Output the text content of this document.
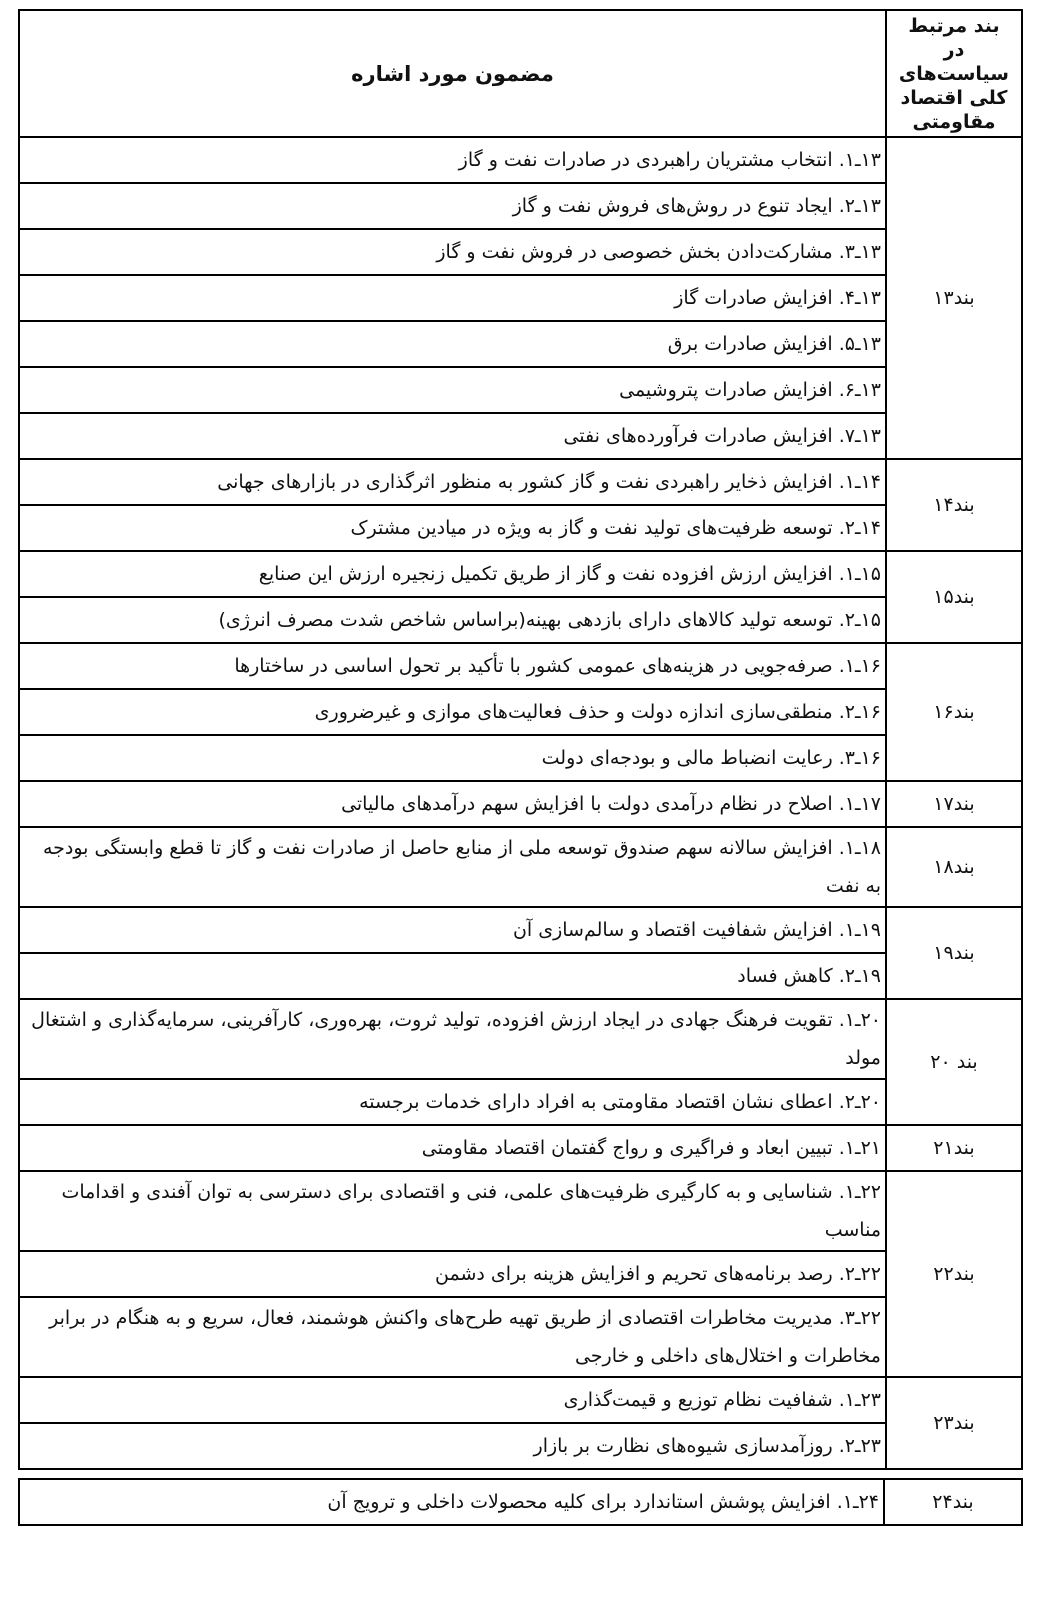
بند مرتبط در سیاست‌های کلی اقتصاد مقاومتی	مضمون مورد اشاره
بند۱۳	۱۳ـ۱. انتخاب مشتریان راهبردی در صادرات نفت و گاز
	۱۳ـ۲. ایجاد تنوع در روش‌های فروش نفت و گاز
	۱۳ـ۳. مشارکت‌دادن بخش خصوصی در فروش نفت و گاز
	۱۳ـ۴. افزایش صادرات گاز
	۱۳ـ۵. افزایش صادرات برق
	۱۳ـ۶. افزایش صادرات پتروشیمی
	۱۳ـ۷. افزایش صادرات فرآورده‌های نفتی
بند۱۴	۱۴ـ۱. افزایش ذخایر راهبردی نفت و گاز کشور به منظور اثرگذاری در بازارهای جهانی
	۱۴ـ۲. توسعه ظرفیت‌های تولید نفت و گاز به ویژه در میادین مشترک
بند۱۵	۱۵ـ۱. افزایش ارزش افزوده نفت و گاز از طریق تکمیل زنجیره ارزش این صنایع
	۱۵ـ۲. توسعه تولید کالاهای دارای بازدهی بهینه(براساس شاخص شدت مصرف انرژی)
بند۱۶	۱۶ـ۱. صرفه‌جویی در هزینه‌های عمومی کشور با تأکید بر تحول اساسی در ساختارها
	۱۶ـ۲. منطقی‌سازی اندازه دولت و حذف فعالیت‌های موازی و غیرضروری
	۱۶ـ۳. رعایت انضباط مالی و بودجه‌ای دولت
بند۱۷	۱۷ـ۱. اصلاح در نظام درآمدی دولت با افزایش سهم درآمدهای مالیاتی
بند۱۸	۱۸ـ۱. افزایش سالانه سهم صندوق توسعه ملی از منابع حاصل از صادرات نفت و گاز تا قطع وابستگی بودجه به نفت
بند۱۹	۱۹ـ۱. افزایش شفافیت اقتصاد و سالم‌سازی آن
	۱۹ـ۲. کاهش فساد
بند ۲۰	۲۰ـ۱. تقویت فرهنگ جهادی در ایجاد ارزش افزوده، تولید ثروت، بهره‌وری، کارآفرینی، سرمایه‌گذاری و اشتغال مولد
	۲۰ـ۲. اعطای نشان اقتصاد مقاومتی به افراد دارای خدمات برجسته
بند۲۱	۲۱ـ۱. تبیین ابعاد و فراگیری و رواج گفتمان اقتصاد مقاومتی
بند۲۲	۲۲ـ۱. شناسایی و به کارگیری ظرفیت‌های علمی، فنی و اقتصادی برای دسترسی به توان آفندی و اقدامات مناسب
	۲۲ـ۲. رصد برنامه‌های تحریم و افزایش هزینه برای دشمن
	۲۲ـ۳. مدیریت مخاطرات اقتصادی از طریق تهیه طرح‌های واکنش هوشمند، فعال، سریع و به هنگام در برابر مخاطرات و اختلال‌های داخلی و خارجی
بند۲۳	۲۳ـ۱. شفافیت نظام توزیع و قیمت‌گذاری
	۲۳ـ۲. روزآمدسازی شیوه‌های نظارت بر بازار
بند۲۴	۲۴ـ۱. افزایش پوشش استاندارد برای کلیه محصولات داخلی و ترویج آن
